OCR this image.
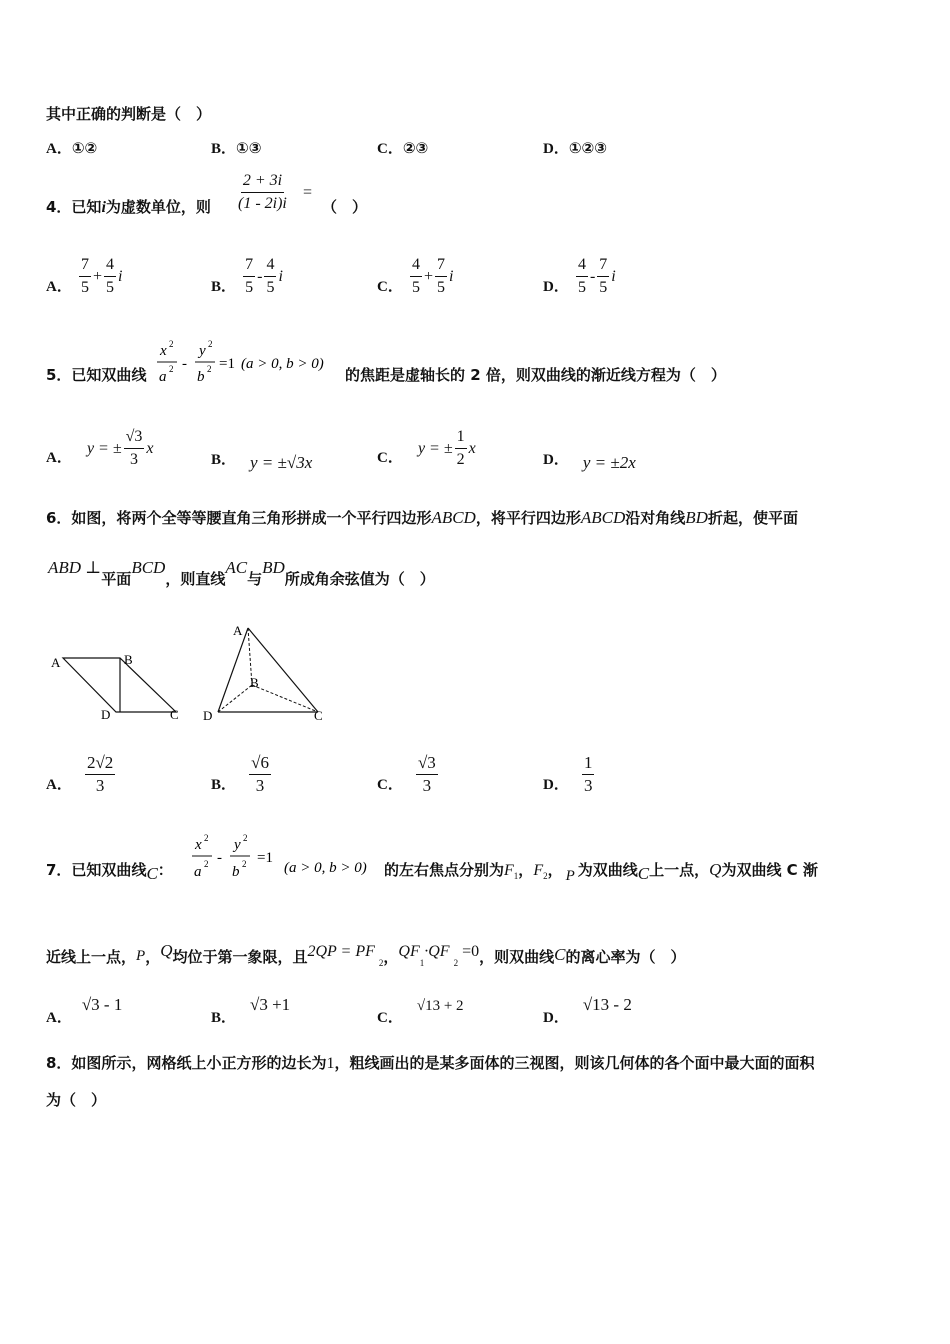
其中正确的判断是（　）
A．①②	B．①③	C．②③	D．①②③
4．已知i为虚数单位，则 $\frac{2 + 3i}{(1 - 2i)i}$ =
（　）
A． $\frac{7}{5} + \frac{4}{5}$ i
B． $\frac{7}{5} - \frac{4}{5}$ i
C． $\frac{4}{5} + \frac{7}{5}$ i
D． $\frac{4}{5} - \frac{7}{5}$ i
5．已知双曲线
x 2
a 2 -
y 2
b 2 =1 (a > 0, b > 0)
的焦距是虚轴长的 2 倍，则双曲线的渐近线方程为（　）
A． y = ± $\frac{√3}{3}$ x
B． y = ±√3x	C． y = ± $\frac{1}{2}$ x
D． y = ±2x
6．如图，将两个全等等腰直角三角形拼成一个平行四边形ABCD，将平行四边形ABCD沿对角线BD折起，使平面
ABD ⊥平面BCD，则直线AC与BD所成角余弦值为（　）
A	B
C
D
A
B
C
D
A． $\frac{2√2}{3}$	B． $\frac{√6}{3}$	C． $\frac{√3}{3}$	D． $\frac{1}{3}$
7．已知双曲线C：
x 2
a 2 -
y 2
b 2 =1
(a > 0, b > 0) 的左右焦点分别为$F_1$，$F_2$， P 为双曲线C上一点，Q为双曲线 C 渐
近线上一点，P，Q均位于第一象限，且$2QP = PF_2$，$QF_1\cdot QF_2=0$，则双曲线C的离心率为（　）
A．√3 - 1
B．√3 +1
C．√13 + 2
D．√13 - 2
8．如图所示，网格纸上小正方形的边长为1，粗线画出的是某多面体的三视图，则该几何体的各个面中最大面的面积
为（　）
